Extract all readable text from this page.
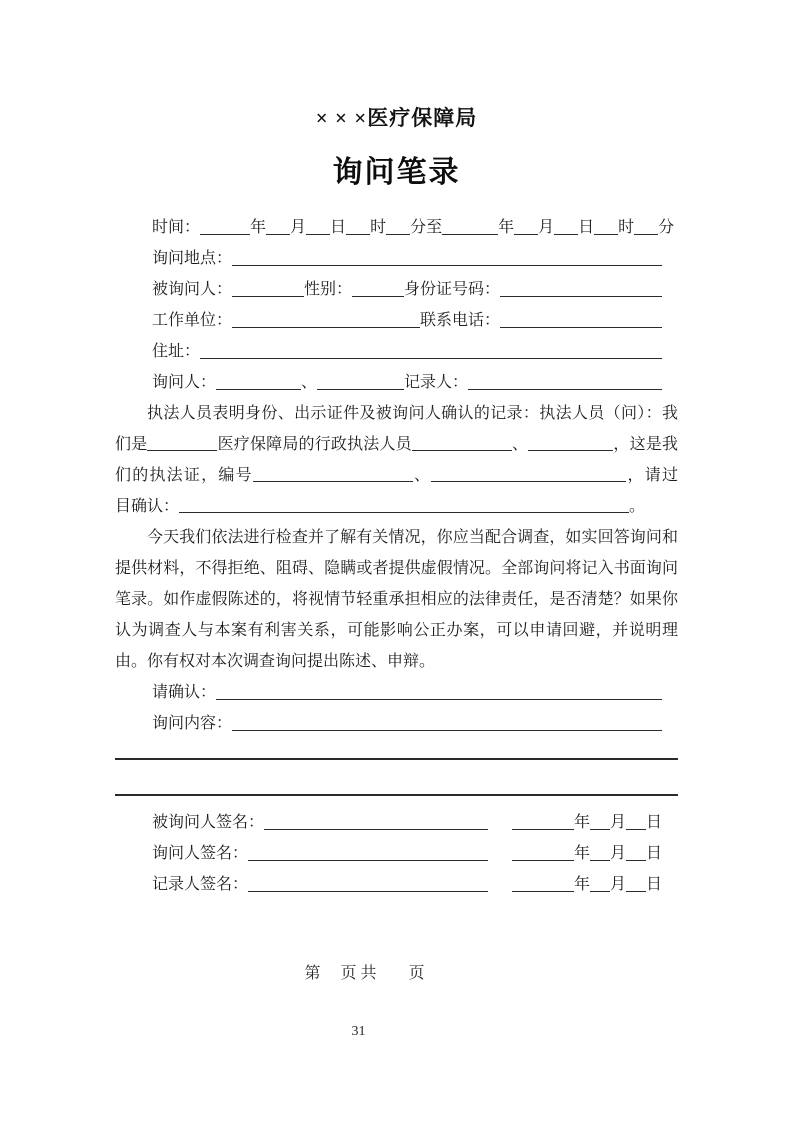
× × ×医疗保障局
询问笔录
时间：	年 月 日 时 分至	年 月 日 时 分
询问地点：
被询问人：	性别：	身份证号码：
工作单位：	联系电话：
住址：
询问人：	、	记录人：

执法人员表明身份、出示证件及被询问人确认的记录：执法人员（问）：我们是	医疗保障局的行政执法人员	、	，这是我们的执法证，编号	、	，请过目确认：	。

今天我们依法进行检查并了解有关情况，你应当配合调查，如实回答询问和提供材料，不得拒绝、阻碍、隐瞒或者提供虚假情况。全部询问将记入书面询问笔录。如作虚假陈述的，将视情节轻重承担相应的法律责任，是否清楚？如果你认为调查人与本案有利害关系，可能影响公正办案，可以申请回避，并说明理由。你有权对本次调查询问提出陈述、申辩。

请确认：
询问内容：
被询问人签名：	年 月 日
询问人签名：	年 月 日
记录人签名：	年 月 日
第　 页 共　　页
31
